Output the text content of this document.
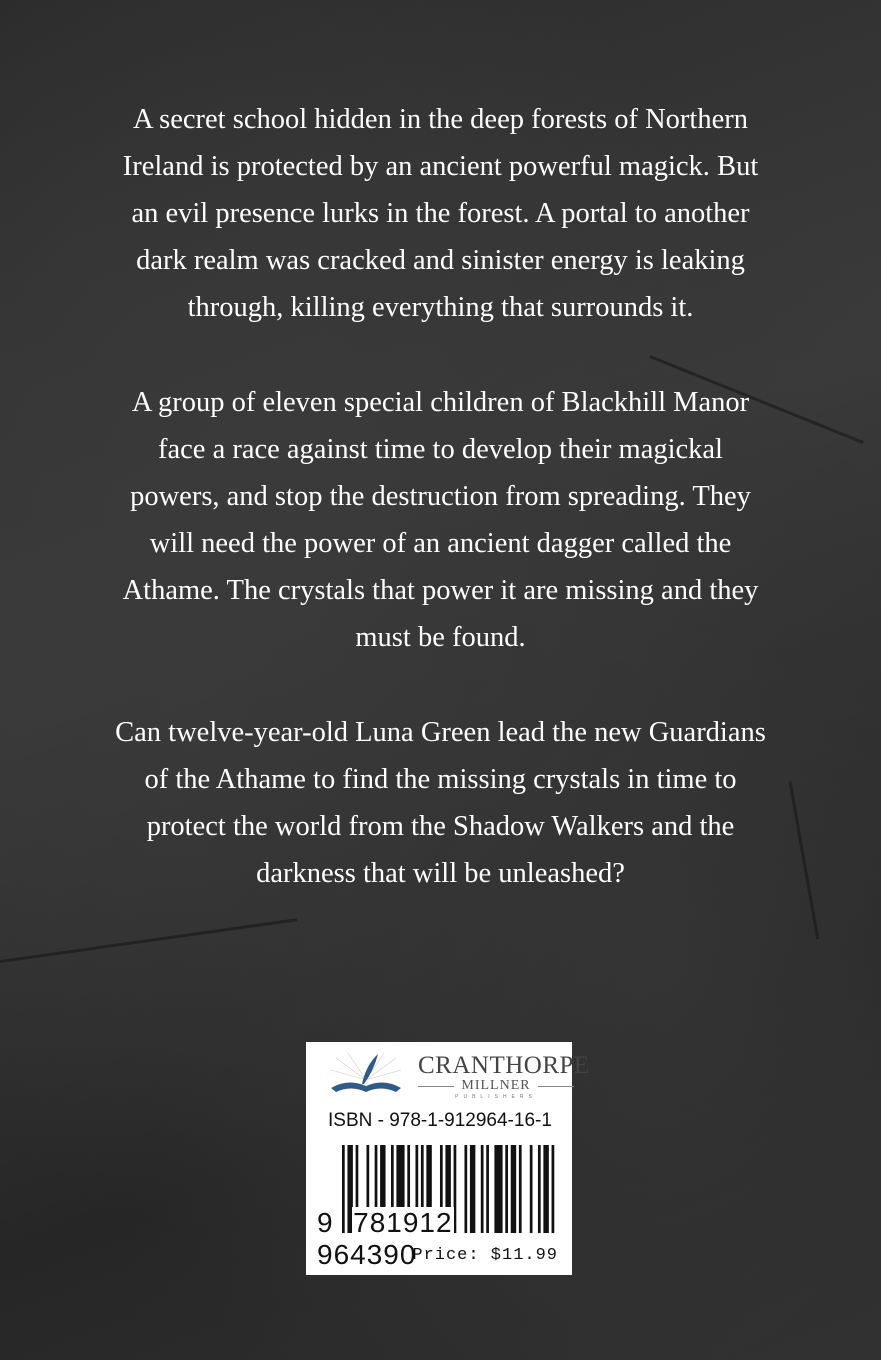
A secret school hidden in the deep forests of Northern
Ireland is protected by an ancient powerful magick. But
an evil presence lurks in the forest. A portal to another
dark realm was cracked and sinister energy is leaking
through, killing everything that surrounds it.
A group of eleven special children of Blackhill Manor
face a race against time to develop their magickal
powers, and stop the destruction from spreading. They
will need the power of an ancient dagger called the
Athame. The crystals that power it are missing and they
must be found.
Can twelve-year-old Luna Green lead the new Guardians
of the Athame to find the missing crystals in time to
protect the world from the Shadow Walkers and the
darkness that will be unleashed?
CRANTHORPE
MILLNER
PUBLISHERS
ISBN - 978-1-912964-16-1
9 781912  964390
Price: $11.99
